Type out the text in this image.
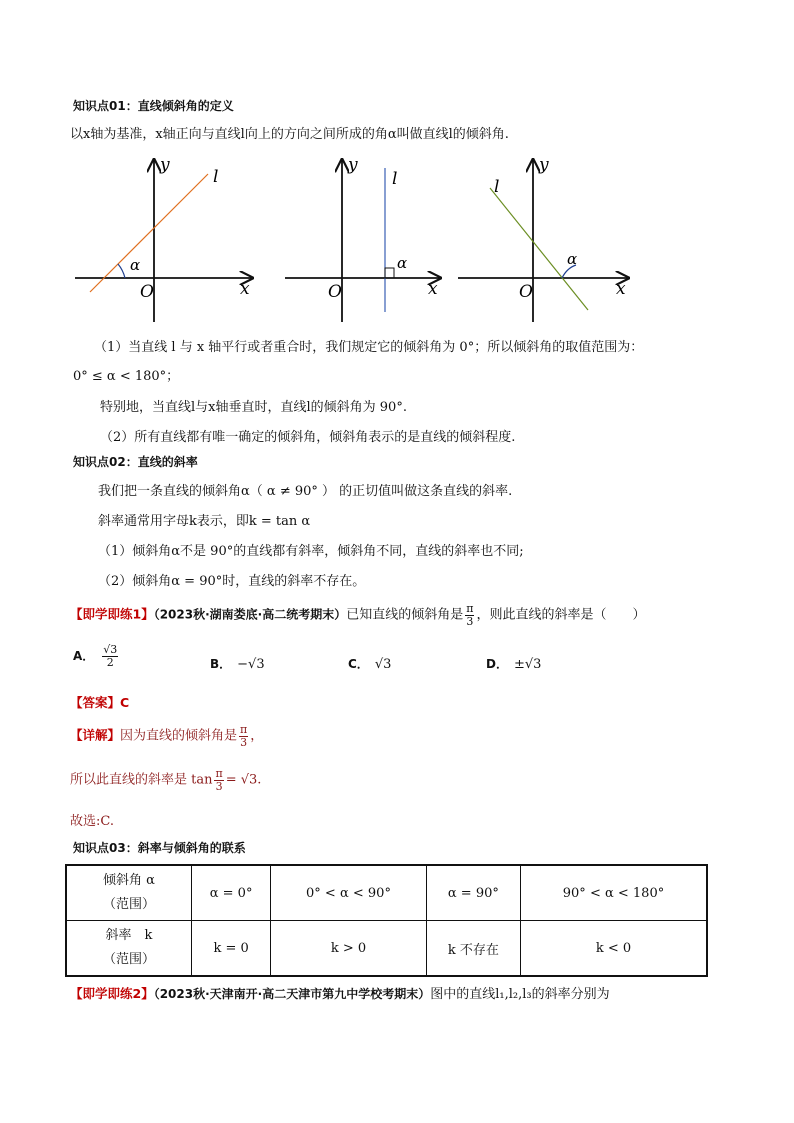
知识点01：直线倾斜角的定义
以x轴为基准，x轴正向与直线l向上的方向之间所成的角α叫做直线l的倾斜角.
x
y
O
l
α
x
y
O
l
α
x
y
O
l
α
（1）当直线 l 与 x 轴平行或者重合时，我们规定它的倾斜角为 0°；所以倾斜角的取值范围为：
0° ≤ α < 180°；
特别地，当直线l与x轴垂直时，直线l的倾斜角为 90°.
（2）所有直线都有唯一确定的倾斜角，倾斜角表示的是直线的倾斜程度.
知识点02：直线的斜率
我们把一条直线的倾斜角α（ α ≠ 90° ） 的正切值叫做这条直线的斜率.
斜率通常用字母k表示，即k = tan α
（1）倾斜角α不是 90°的直线都有斜率，倾斜角不同，直线的斜率也不同;
（2）倾斜角α = 90°时，直线的斜率不存在。
【即学即练1】（2023秋·湖南娄底·高二统考期末）已知直线的倾斜角是 $\frac{\pi}{3}$ ，则此直线的斜率是（　　）
A． $\frac{√3}{2}$	B． −√3	C． √3	D． ±√3
【答案】C
【详解】因为直线的倾斜角是 $\frac{\pi}{3}$ ，
所以此直线的斜率是 $\tan \frac{\pi}{3} = √3$.
故选:C.
知识点03：斜率与倾斜角的联系
倾斜角 α
（范围）	α = 0°	0° < α < 90°	α = 90°	90° < α < 180°

斜率　k
（范围）	k = 0	k > 0	k 不存在	k < 0
【即学即练2】（2023秋·天津南开·高二天津市第九中学校考期末）图中的直线l₁,l₂,l₃的斜率分别为
